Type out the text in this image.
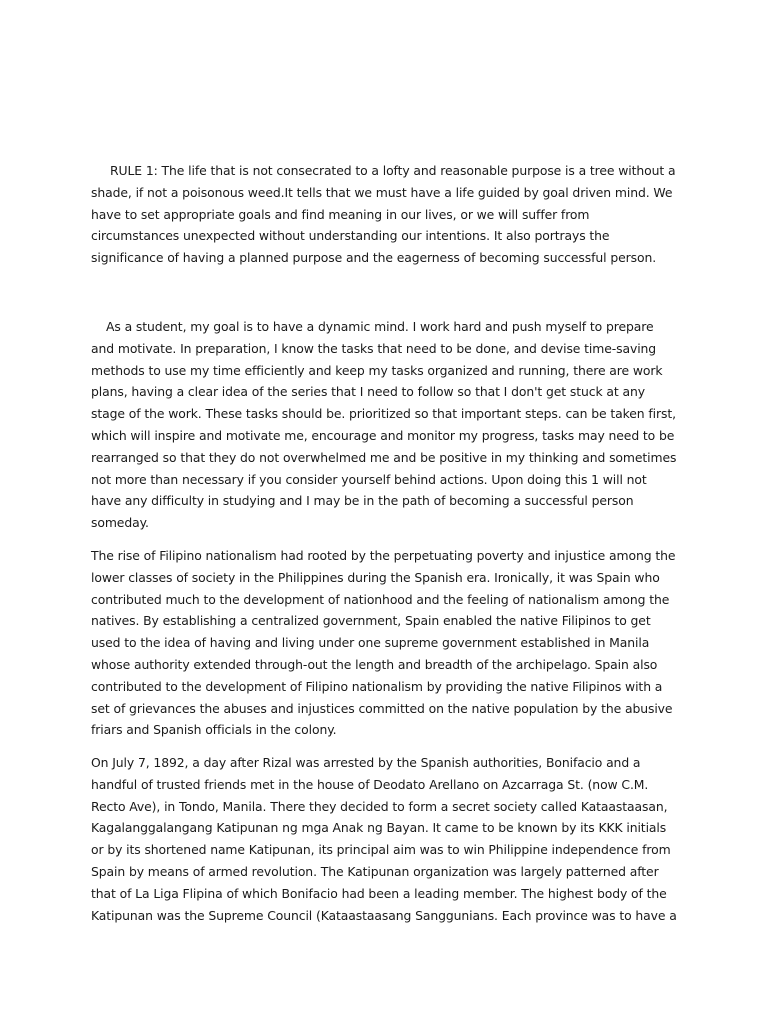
RULE 1: The life that is not consecrated to a lofty and reasonable purpose is a tree without a shade, if not a poisonous weed.It tells that we must have a life guided by goal driven mind. We have to set appropriate goals and find meaning in our lives, or we will suffer from circumstances unexpected without understanding our intentions. It also portrays the significance of having a planned purpose and the eagerness of becoming successful person.

As a student, my goal is to have a dynamic mind. I work hard and push myself to prepare and motivate. In preparation, I know the tasks that need to be done, and devise time-saving methods to use my time efficiently and keep my tasks organized and running, there are work plans, having a clear idea of the series that I need to follow so that I don't get stuck at any stage of the work. These tasks should be. prioritized so that important steps. can be taken first, which will inspire and motivate me, encourage and monitor my progress, tasks may need to be rearranged so that they do not overwhelmed me and be positive in my thinking and sometimes not more than necessary if you consider yourself behind actions. Upon doing this 1 will not have any difficulty in studying and I may be in the path of becoming a successful person someday.

The rise of Filipino nationalism had rooted by the perpetuating poverty and injustice among the lower classes of society in the Philippines during the Spanish era. Ironically, it was Spain who contributed much to the development of nationhood and the feeling of nationalism among the natives. By establishing a centralized government, Spain enabled the native Filipinos to get used to the idea of having and living under one supreme government established in Manila whose authority extended through-out the length and breadth of the archipelago. Spain also contributed to the development of Filipino nationalism by providing the native Filipinos with a set of grievances the abuses and injustices committed on the native population by the abusive friars and Spanish officials in the colony.

On July 7, 1892, a day after Rizal was arrested by the Spanish authorities, Bonifacio and a handful of trusted friends met in the house of Deodato Arellano on Azcarraga St. (now C.M. Recto Ave), in Tondo, Manila. There they decided to form a secret society called Kataastaasan, Kagalanggalangang Katipunan ng mga Anak ng Bayan. It came to be known by its KKK initials or by its shortened name Katipunan, its principal aim was to win Philippine independence from Spain by means of armed revolution. The Katipunan organization was largely patterned after that of La Liga Flipina of which Bonifacio had been a leading member. The highest body of the Katipunan was the Supreme Council (Kataastaasang Sanggunians. Each province was to have a
